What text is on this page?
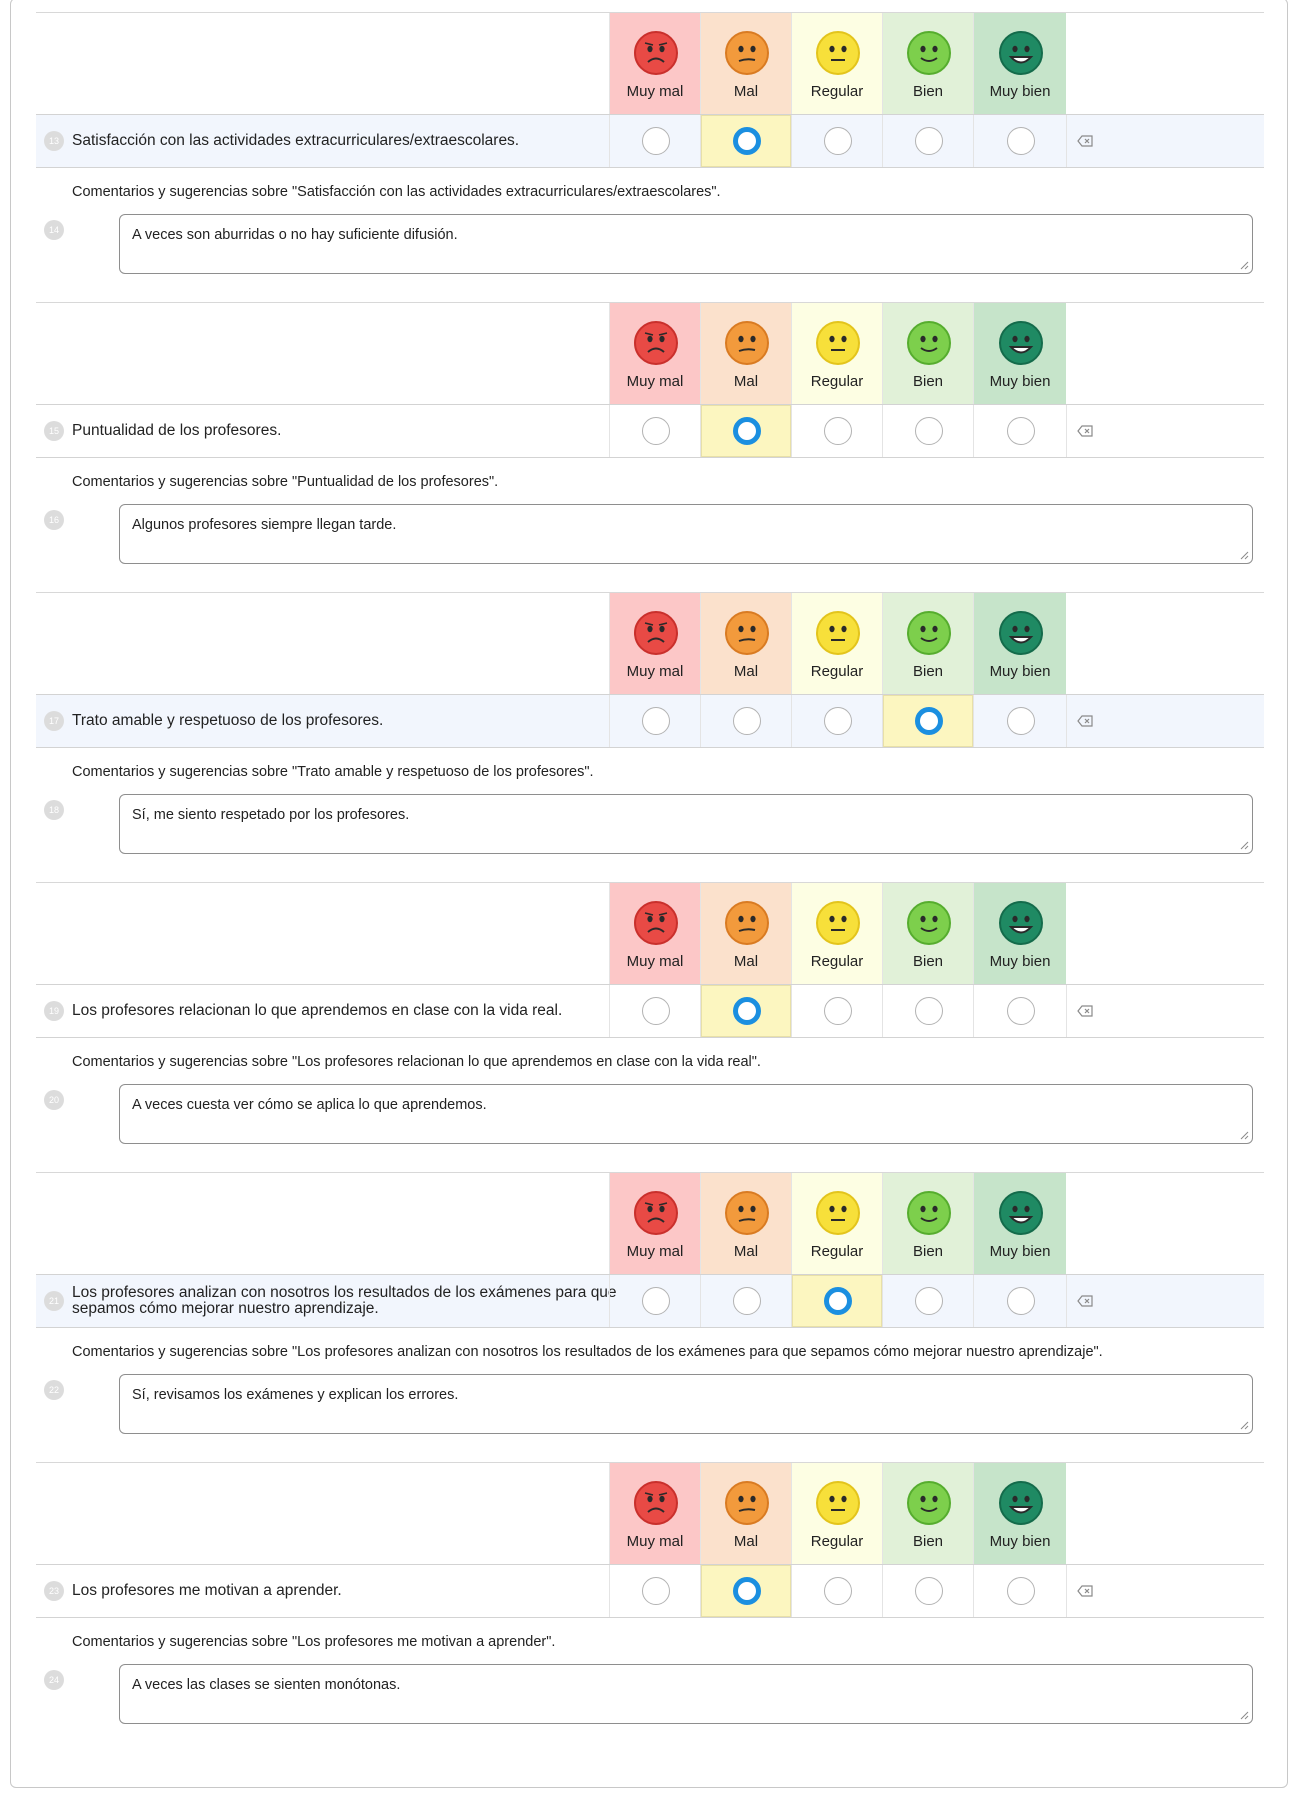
Muy mal	Mal	Regular	Bien	Muy bien
13 Satisfacción con las actividades extracurriculares/extraescolares.
Comentarios y sugerencias sobre "Satisfacción con las actividades extracurriculares/extraescolares".
14	A veces son aburridas o no hay suficiente difusión.
Muy mal	Mal	Regular	Bien	Muy bien
15 Puntualidad de los profesores.
Comentarios y sugerencias sobre "Puntualidad de los profesores".
16	Algunos profesores siempre llegan tarde.
Muy mal	Mal	Regular	Bien	Muy bien
17 Trato amable y respetuoso de los profesores.
Comentarios y sugerencias sobre "Trato amable y respetuoso de los profesores".
18	Sí, me siento respetado por los profesores.
Muy mal	Mal	Regular	Bien	Muy bien
19 Los profesores relacionan lo que aprendemos en clase con la vida real.
Comentarios y sugerencias sobre "Los profesores relacionan lo que aprendemos en clase con la vida real".
20	A veces cuesta ver cómo se aplica lo que aprendemos.
Muy mal	Mal	Regular	Bien	Muy bien
21 Los profesores analizan con nosotros los resultados de los exámenes para que sepamos cómo mejorar nuestro aprendizaje.
Comentarios y sugerencias sobre "Los profesores analizan con nosotros los resultados de los exámenes para que sepamos cómo mejorar nuestro aprendizaje".
22	Sí, revisamos los exámenes y explican los errores.
Muy mal	Mal	Regular	Bien	Muy bien
23 Los profesores me motivan a aprender.
Comentarios y sugerencias sobre "Los profesores me motivan a aprender".
24	A veces las clases se sienten monótonas.
